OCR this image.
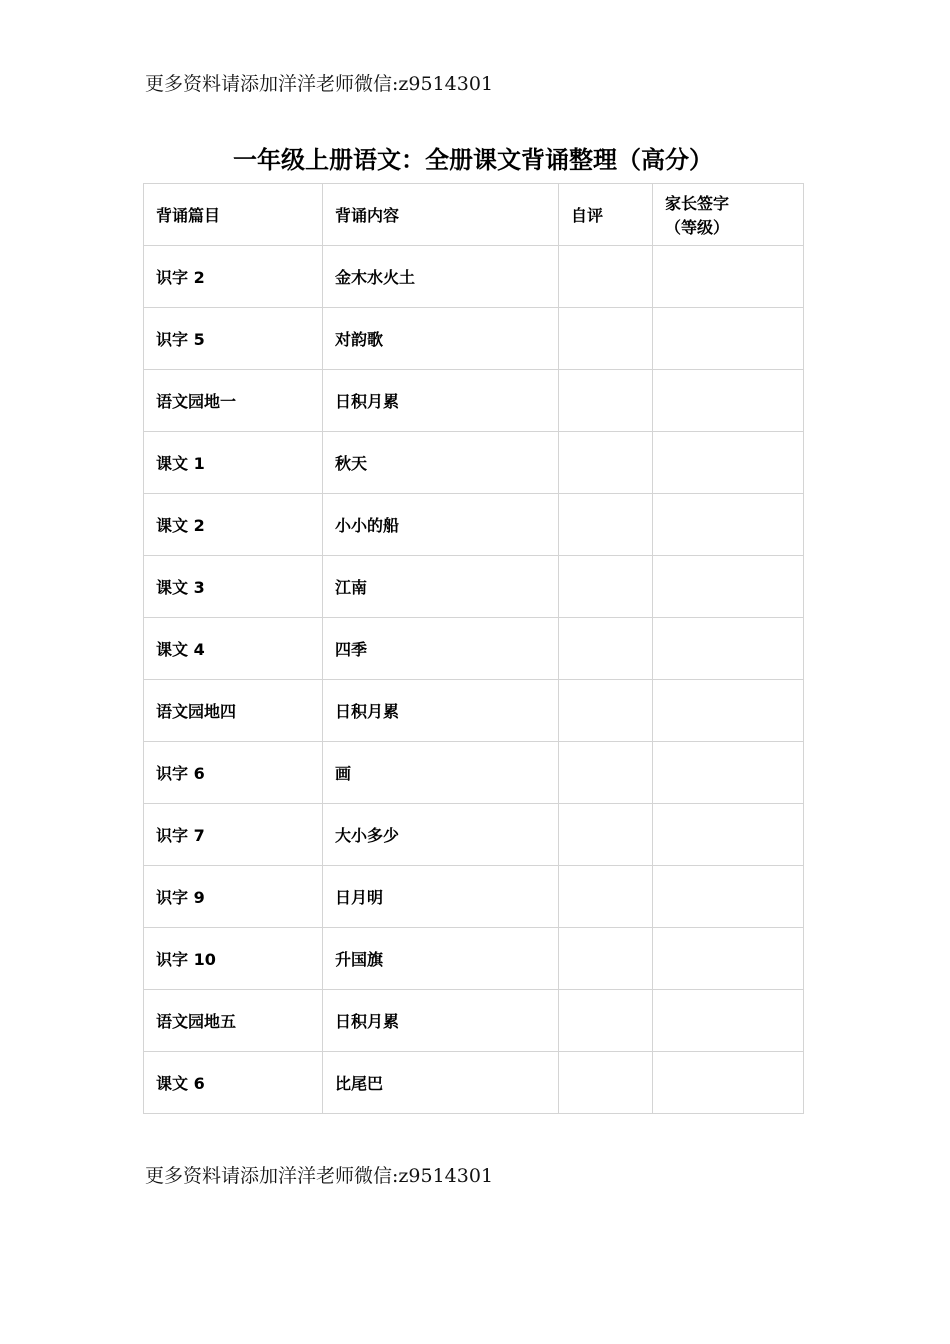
更多资料请添加洋洋老师微信:z9514301
一年级上册语文：全册课文背诵整理（高分）
背诵篇目	背诵内容	自评	家长签字
（等级）
识字 2	金木水火土		
识字 5	对韵歌		
语文园地一	日积月累		
课文 1	秋天		
课文 2	小小的船		
课文 3	江南		
课文 4	四季		
语文园地四	日积月累		
识字 6	画		
识字 7	大小多少		
识字 9	日月明		
识字 10	升国旗		
语文园地五	日积月累		
课文 6	比尾巴		
更多资料请添加洋洋老师微信:z9514301
